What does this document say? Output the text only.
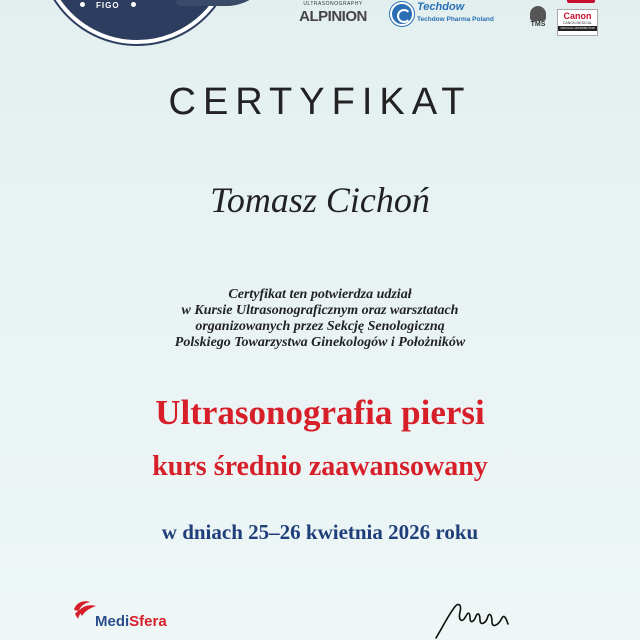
FIGO	ULTRASONOGRAPHY
ALPINION
Techdow
Techdow Pharma Poland
TMS
Canon
CANON MEDICAL
OFFICIAL DISTRIBUTOR
CERTYFIKAT
Tomasz Cichoń
Certyfikat ten potwierdza udział
w Kursie Ultrasonograficznym oraz warsztatach
organizowanych przez Sekcję Senologiczną
Polskiego Towarzystwa Ginekologów i Położników
Ultrasonografia piersi
kurs średnio zaawansowany
w dniach 25–26 kwietnia 2026 roku
MediSfera
